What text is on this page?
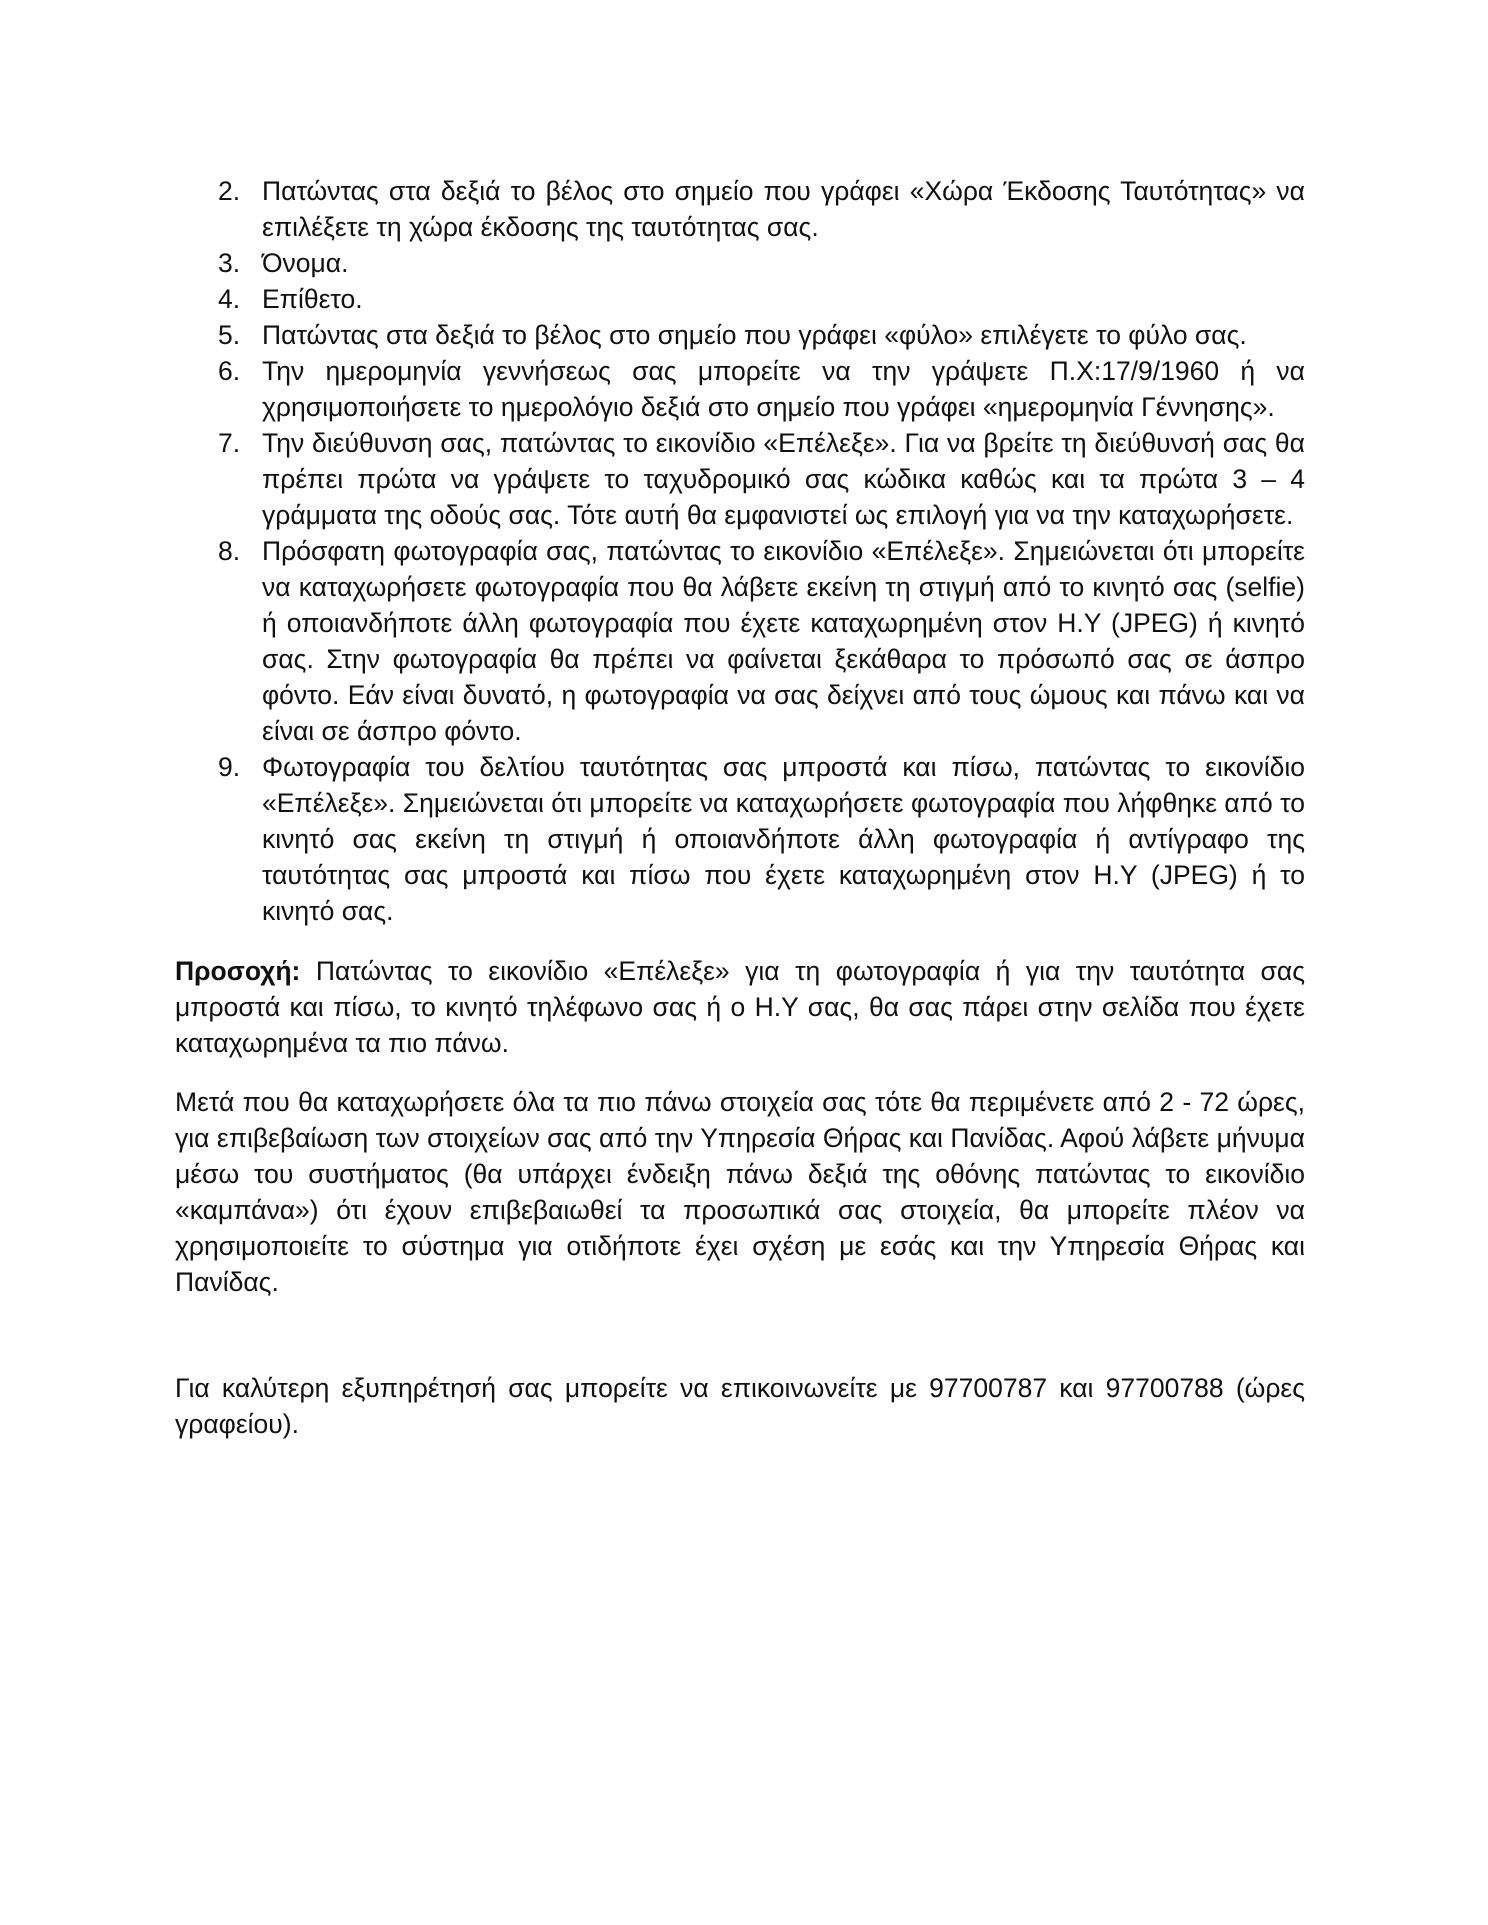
2. Πατώντας στα δεξιά το βέλος στο σημείο που γράφει «Χώρα Έκδοσης Ταυτότητας» να επιλέξετε τη χώρα έκδοσης της ταυτότητας σας.
3. Όνομα.
4. Επίθετο.
5. Πατώντας στα δεξιά το βέλος στο σημείο που γράφει «φύλο» επιλέγετε το φύλο σας.
6. Την ημερομηνία γεννήσεως σας μπορείτε να την γράψετε Π.Χ:17/9/1960 ή να χρησιμοποιήσετε το ημερολόγιο δεξιά στο σημείο που γράφει «ημερομηνία Γέννησης».
7. Την διεύθυνση σας, πατώντας το εικονίδιο «Επέλεξε». Για να βρείτε τη διεύθυνσή σας θα πρέπει πρώτα να γράψετε το ταχυδρομικό σας κώδικα καθώς και τα πρώτα 3 – 4 γράμματα της οδούς σας. Τότε αυτή θα εμφανιστεί ως επιλογή για να την καταχωρήσετε.
8. Πρόσφατη φωτογραφία σας, πατώντας το εικονίδιο «Επέλεξε». Σημειώνεται ότι μπορείτε να καταχωρήσετε φωτογραφία που θα λάβετε εκείνη τη στιγμή από το κινητό σας (selfie) ή οποιανδήποτε άλλη φωτογραφία που έχετε καταχωρημένη στον Η.Υ (JPEG) ή κινητό σας. Στην φωτογραφία θα πρέπει να φαίνεται ξεκάθαρα το πρόσωπό σας σε άσπρο φόντο. Εάν είναι δυνατό, η φωτογραφία να σας δείχνει από τους ώμους και πάνω και να είναι σε άσπρο φόντο.
9. Φωτογραφία του δελτίου ταυτότητας σας μπροστά και πίσω, πατώντας το εικονίδιο «Επέλεξε». Σημειώνεται ότι μπορείτε να καταχωρήσετε φωτογραφία που λήφθηκε από το κινητό σας εκείνη τη στιγμή ή οποιανδήποτε άλλη φωτογραφία ή αντίγραφο της ταυτότητας σας μπροστά και πίσω που έχετε καταχωρημένη στον Η.Υ (JPEG) ή το κινητό σας.

Προσοχή: Πατώντας το εικονίδιο «Επέλεξε» για τη φωτογραφία ή για την ταυτότητα σας μπροστά και πίσω, το κινητό τηλέφωνο σας ή ο Η.Υ σας, θα σας πάρει στην σελίδα που έχετε καταχωρημένα τα πιο πάνω.

Μετά που θα καταχωρήσετε όλα τα πιο πάνω στοιχεία σας τότε θα περιμένετε από 2 - 72 ώρες, για επιβεβαίωση των στοιχείων σας από την Υπηρεσία Θήρας και Πανίδας. Αφού λάβετε μήνυμα μέσω του συστήματος (θα υπάρχει ένδειξη πάνω δεξιά της οθόνης πατώντας το εικονίδιο «καμπάνα») ότι έχουν επιβεβαιωθεί τα προσωπικά σας στοιχεία, θα μπορείτε πλέον να χρησιμοποιείτε το σύστημα για οτιδήποτε έχει σχέση με εσάς και την Υπηρεσία Θήρας και Πανίδας.

Για καλύτερη εξυπηρέτησή σας μπορείτε να επικοινωνείτε με 97700787 και 97700788 (ώρες γραφείου).
